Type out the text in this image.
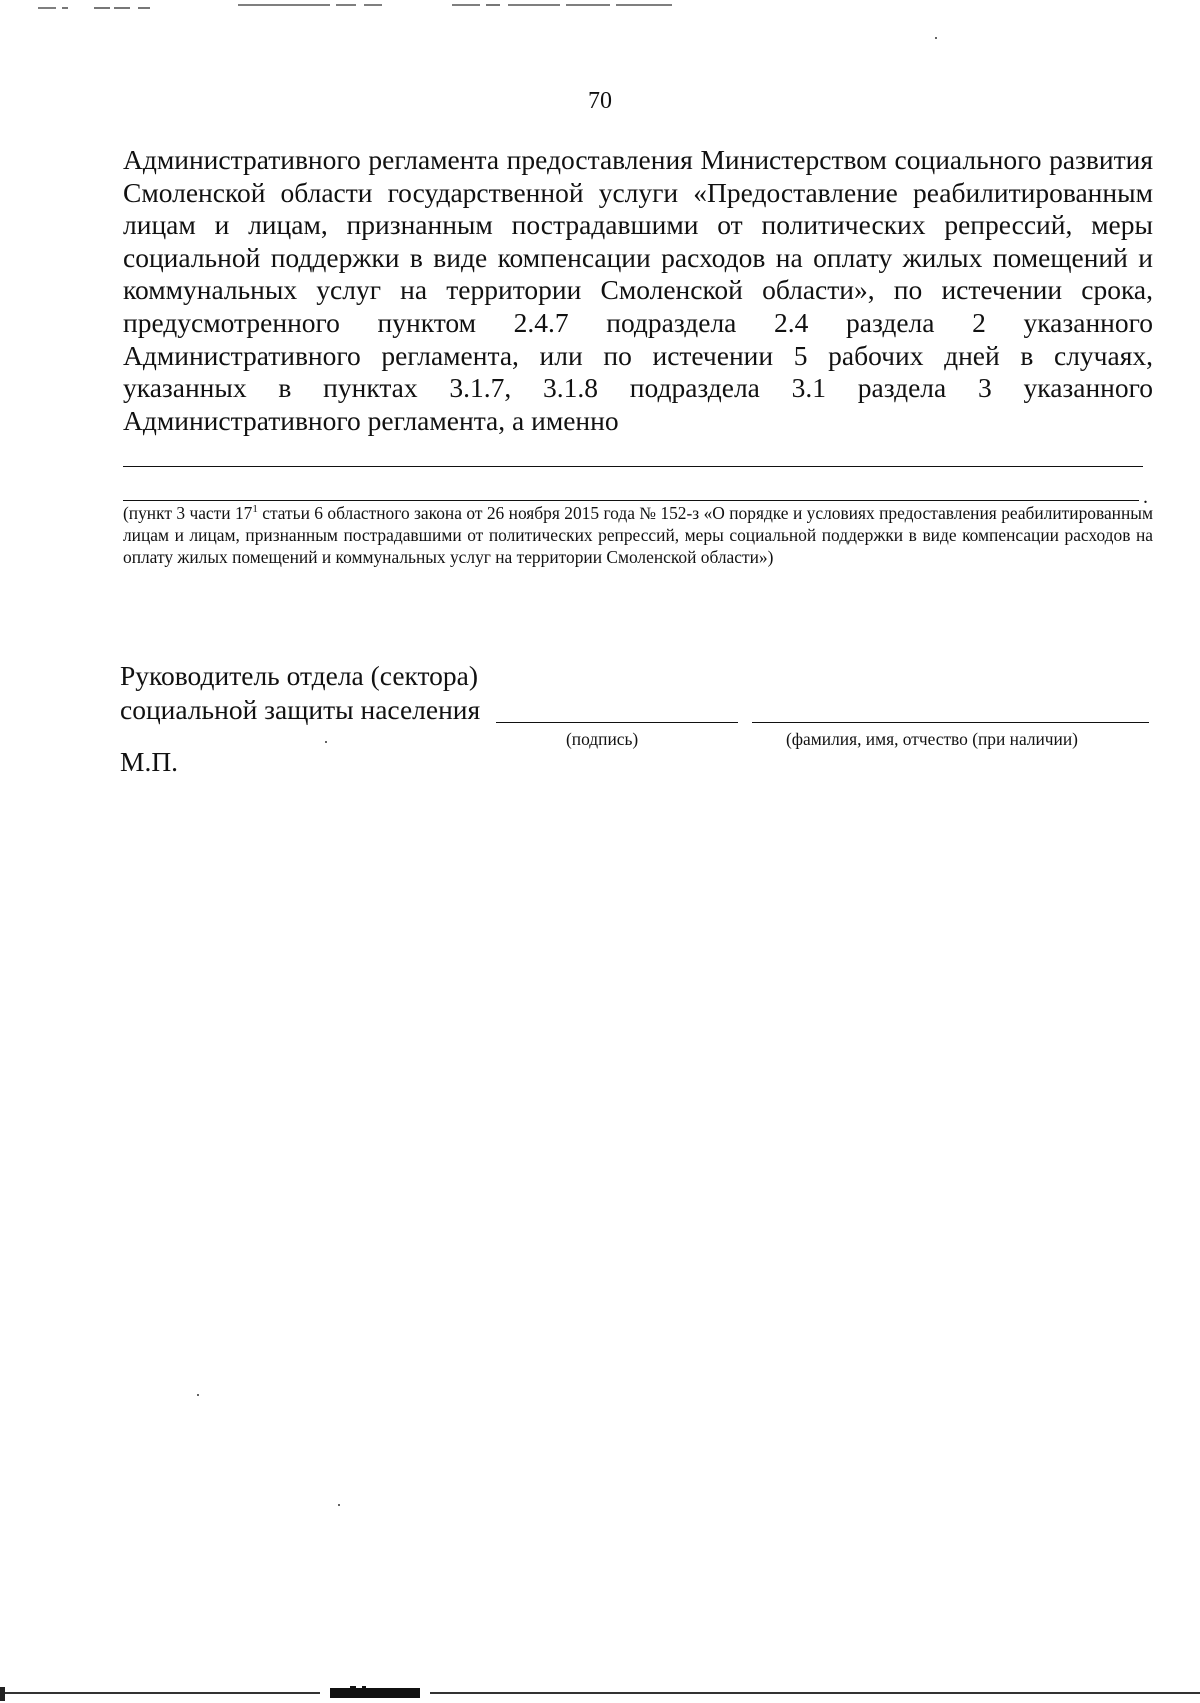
70

Административного регламента предоставления Министерством социального развития Смоленской области государственной услуги «Предоставление реабилитированным лицам и лицам, признанным пострадавшими от политических репрессий, меры социальной поддержки в виде компенсации расходов на оплату жилых помещений и коммунальных услуг на территории Смоленской области», по истечении срока, предусмотренного пунктом 2.4.7 подраздела 2.4 раздела 2 указанного Административного регламента, или по истечении 5 рабочих дней в случаях, указанных в пунктах 3.1.7, 3.1.8 подраздела 3.1 раздела 3 указанного Административного регламента, а именно

.

(пункт 3 части $17^1$ статьи 6 областного закона от 26 ноября 2015 года № 152-з «О порядке и условиях предоставления реабилитированным лицам и лицам, признанным пострадавшими от политических репрессий, меры социальной поддержки в виде компенсации расходов на оплату жилых помещений и коммунальных услуг на территории Смоленской области»)

Руководитель отдела (сектора)
социальной защиты населения
(подпись)	(фамилия, имя, отчество (при наличии)
М.П.
